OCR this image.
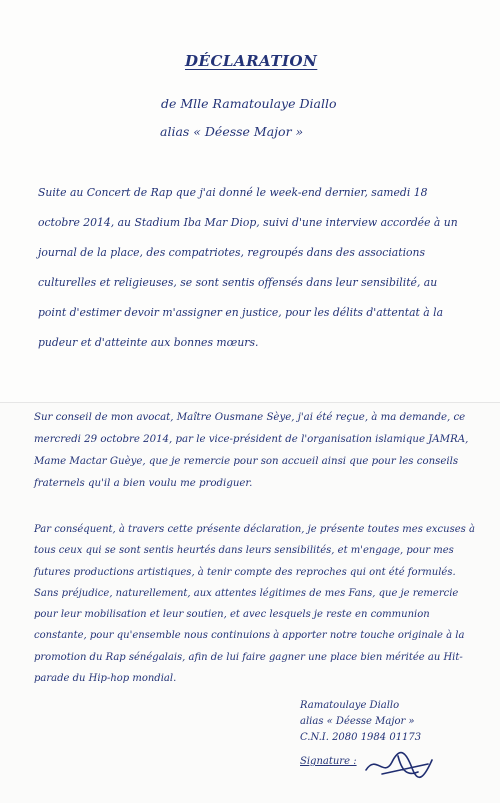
DÉCLARATION
de Mlle Ramatoulaye Diallo
alias « Déesse Major »
Suite au Concert de Rap que j'ai donné le week-end dernier, samedi 18 octobre 2014, au Stadium Iba Mar Diop, suivi d'une interview accordée à un journal de la place, des compatriotes, regroupés dans des associations culturelles et religieuses, se sont sentis offensés dans leur sensibilité, au point d'estimer devoir m'assigner en justice, pour les délits d'attentat à la pudeur et d'atteinte aux bonnes mœurs.
Sur conseil de mon avocat, Maître Ousmane Sèye, j'ai été reçue, à ma demande, ce mercredi 29 octobre 2014, par le vice-président de l'organisation islamique JAMRA, Mame Mactar Guèye, que je remercie pour son accueil ainsi que pour les conseils fraternels qu'il a bien voulu me prodiguer.
Par conséquent, à travers cette présente déclaration, je présente toutes mes excuses à tous ceux qui se sont sentis heurtés dans leurs sensibilités, et m'engage, pour mes futures productions artistiques, à tenir compte des reproches qui ont été formulés. Sans préjudice, naturellement, aux attentes légitimes de mes Fans, que je remercie pour leur mobilisation et leur soutien, et avec lesquels je reste en communion constante, pour qu'ensemble nous continuions à apporter notre touche originale à la promotion du Rap sénégalais, afin de lui faire gagner une place bien méritée au Hit-parade du Hip-hop mondial.
Ramatoulaye Diallo
alias « Déesse Major »
C.N.I. 2080 1984 01173
Signature :
